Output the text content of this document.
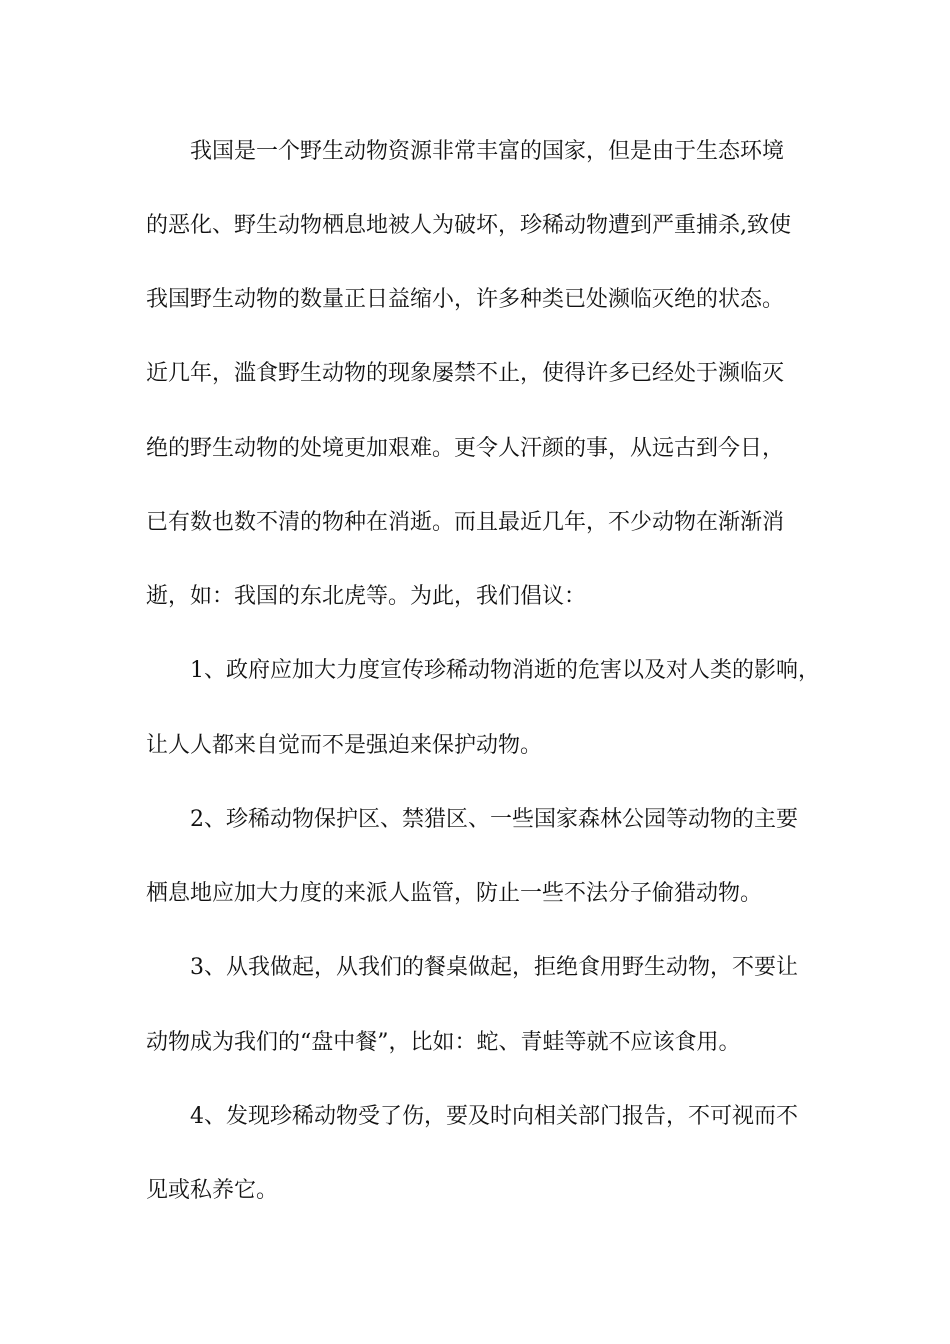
我国是一个野生动物资源非常丰富的国家，但是由于生态环境
的恶化、野生动物栖息地被人为破坏，珍稀动物遭到严重捕杀,致使
我国野生动物的数量正日益缩小，许多种类已处濒临灭绝的状态。
近几年，滥食野生动物的现象屡禁不止，使得许多已经处于濒临灭
绝的野生动物的处境更加艰难。更令人汗颜的事，从远古到今日，
已有数也数不清的物种在消逝。而且最近几年，不少动物在渐渐消
逝，如：我国的东北虎等。为此，我们倡议：
1、政府应加大力度宣传珍稀动物消逝的危害以及对人类的影响，
让人人都来自觉而不是强迫来保护动物。
2、珍稀动物保护区、禁猎区、一些国家森林公园等动物的主要
栖息地应加大力度的来派人监管，防止一些不法分子偷猎动物。
3、从我做起，从我们的餐桌做起，拒绝食用野生动物，不要让
动物成为我们的“盘中餐”，比如：蛇、青蛙等就不应该食用。
4、发现珍稀动物受了伤，要及时向相关部门报告，不可视而不
见或私养它。
